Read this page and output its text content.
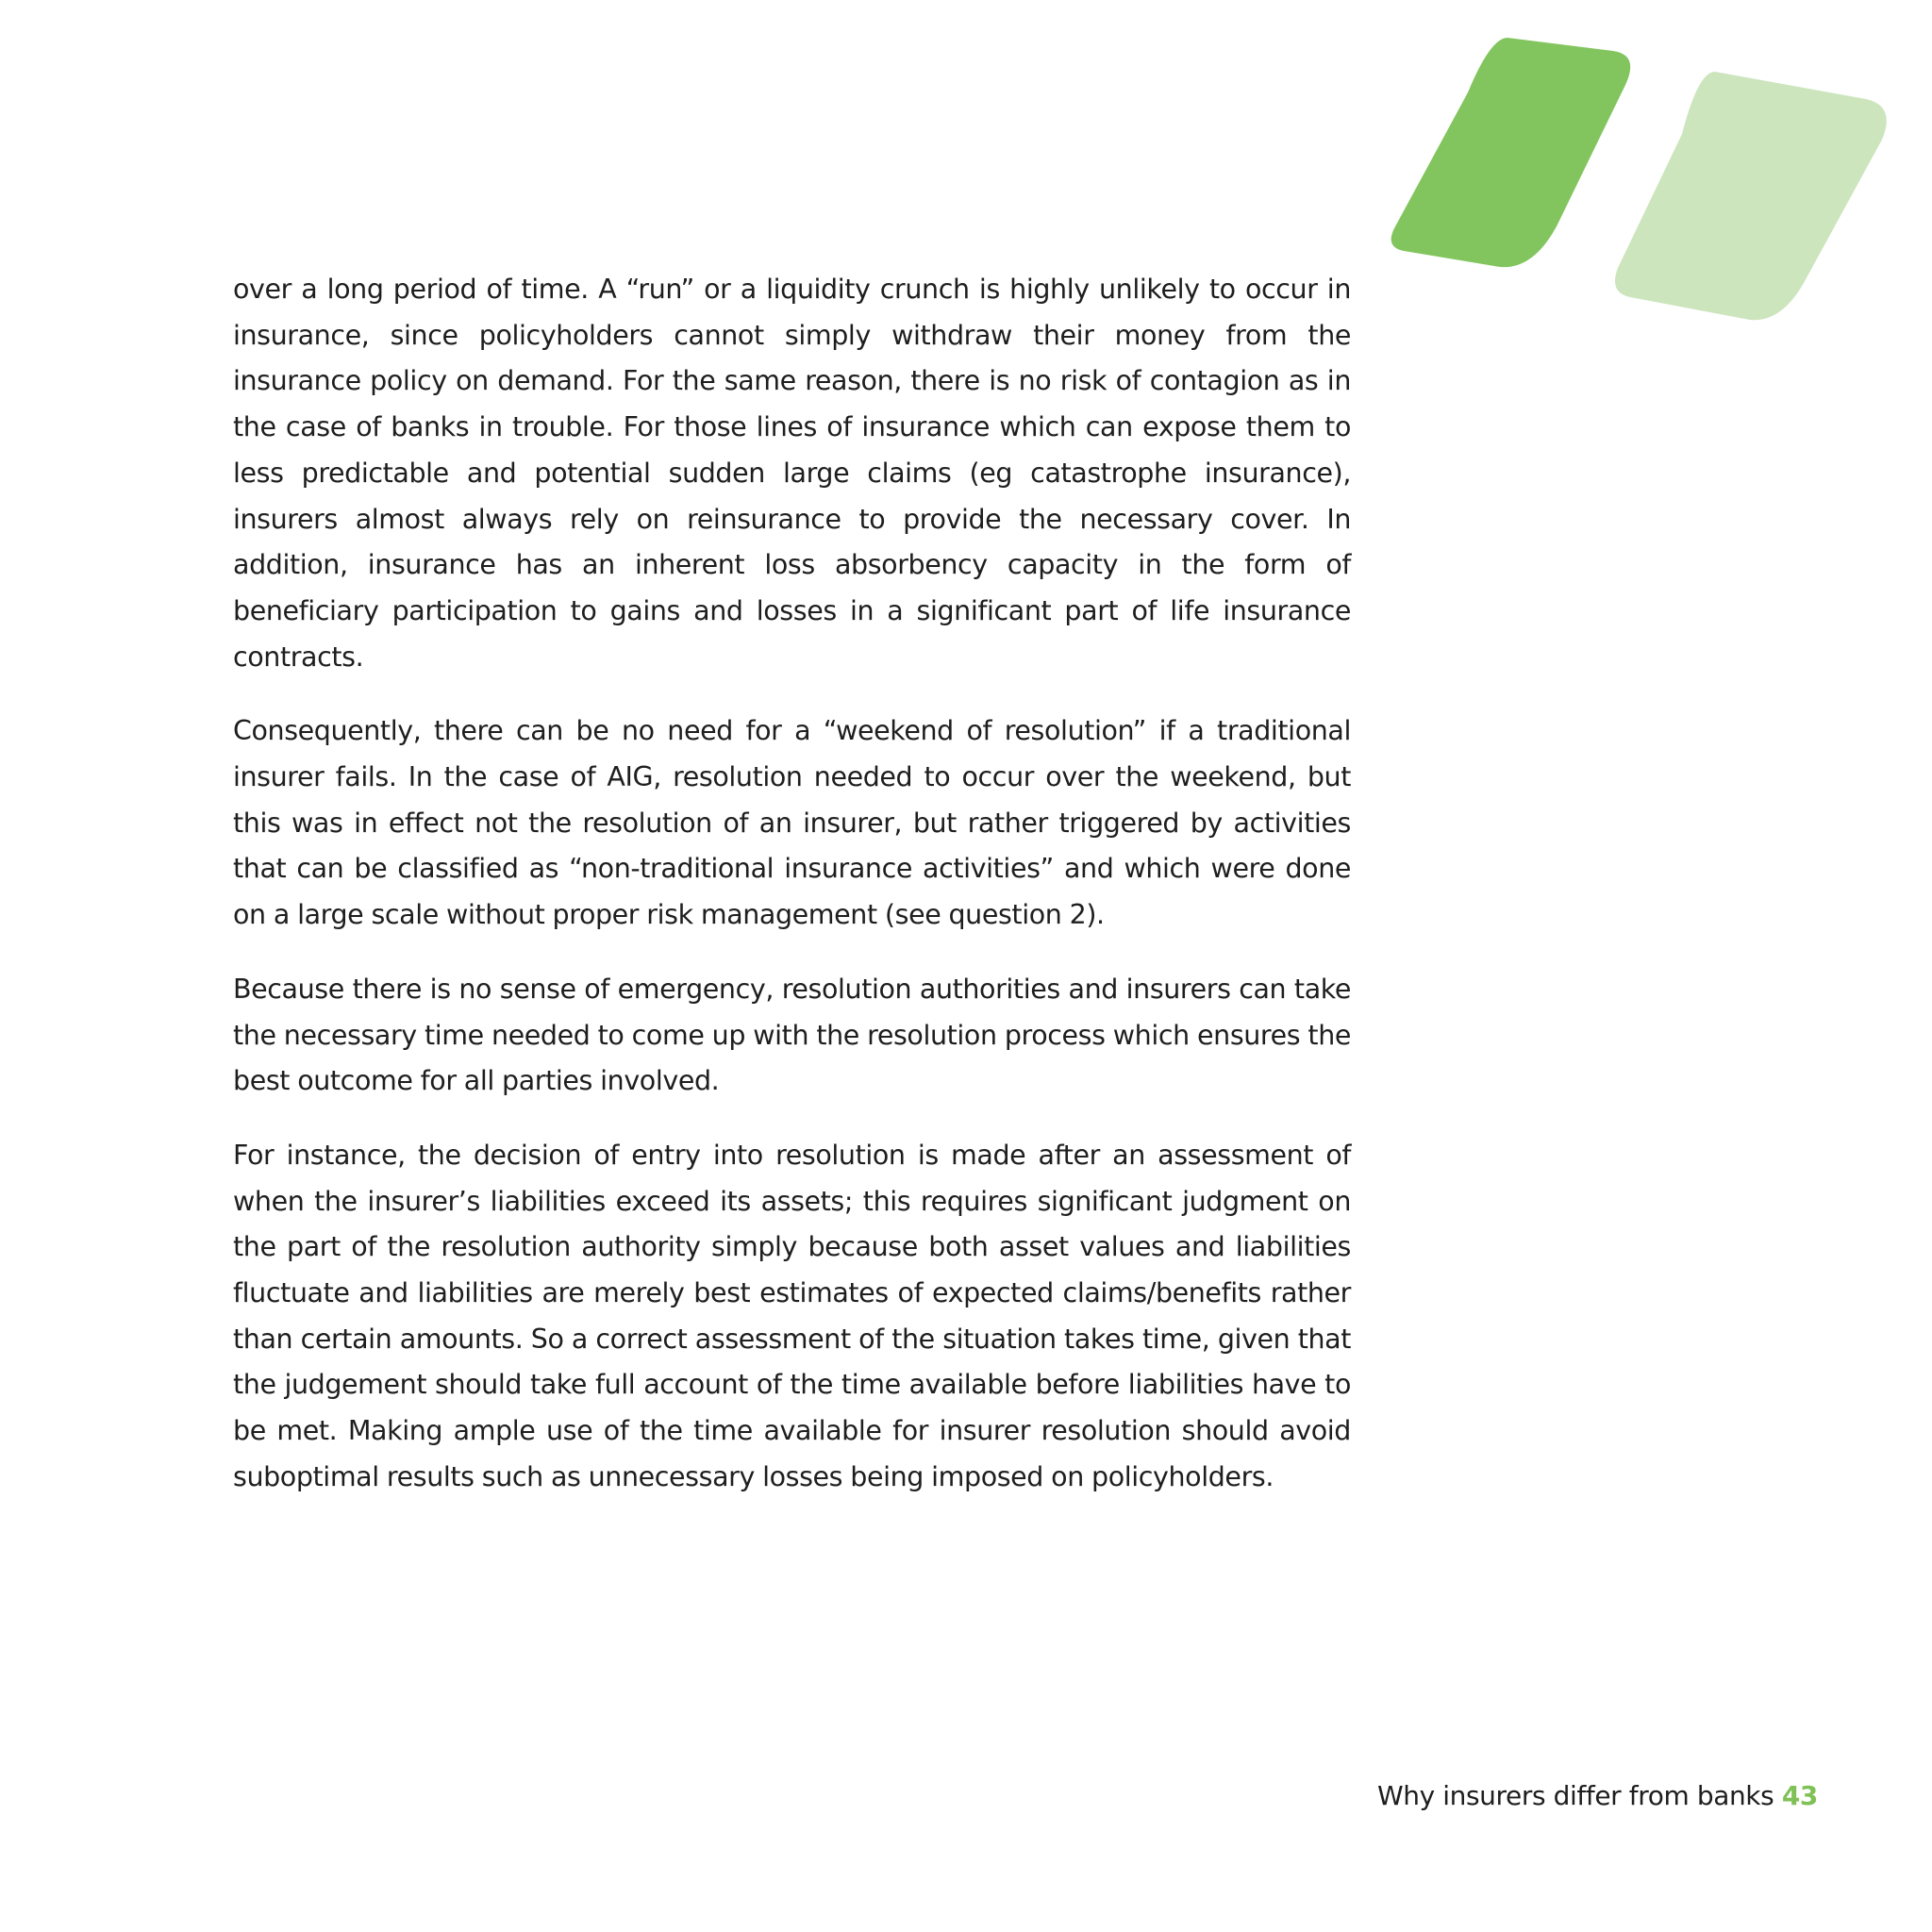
over a long period of time. A “run” or a liquidity crunch is highly unlikely to occur in insurance, since policyholders cannot simply withdraw their money from the insurance policy on demand. For the same reason, there is no risk of contagion as in the case of banks in trouble. For those lines of insurance which can expose them to less predictable and potential sudden large claims (eg catastrophe insurance), insurers almost always rely on reinsurance to provide the necessary cover. In addition, insurance has an inherent loss absorbency capacity in the form of beneficiary participation to gains and losses in a significant part of life insurance contracts.

Consequently, there can be no need for a “weekend of resolution” if a traditional insurer fails. In the case of AIG, resolution needed to occur over the weekend, but this was in effect not the resolution of an insurer, but rather triggered by activities that can be classified as “non-traditional insurance activities” and which were done on a large scale without proper risk management (see question 2).

Because there is no sense of emergency, resolution authorities and insurers can take the necessary time needed to come up with the resolution process which ensures the best outcome for all parties involved.

For instance, the decision of entry into resolution is made after an assessment of when the insurer’s liabilities exceed its assets; this requires significant judgment on the part of the resolution authority simply because both asset values and liabilities fluctuate and liabilities are merely best estimates of expected claims/benefits rather than certain amounts. So a correct assessment of the situation takes time, given that the judgement should take full account of the time available before liabilities have to be met. Making ample use of the time available for insurer resolution should avoid suboptimal results such as unnecessary losses being imposed on policyholders.

Why insurers differ from banks 43
